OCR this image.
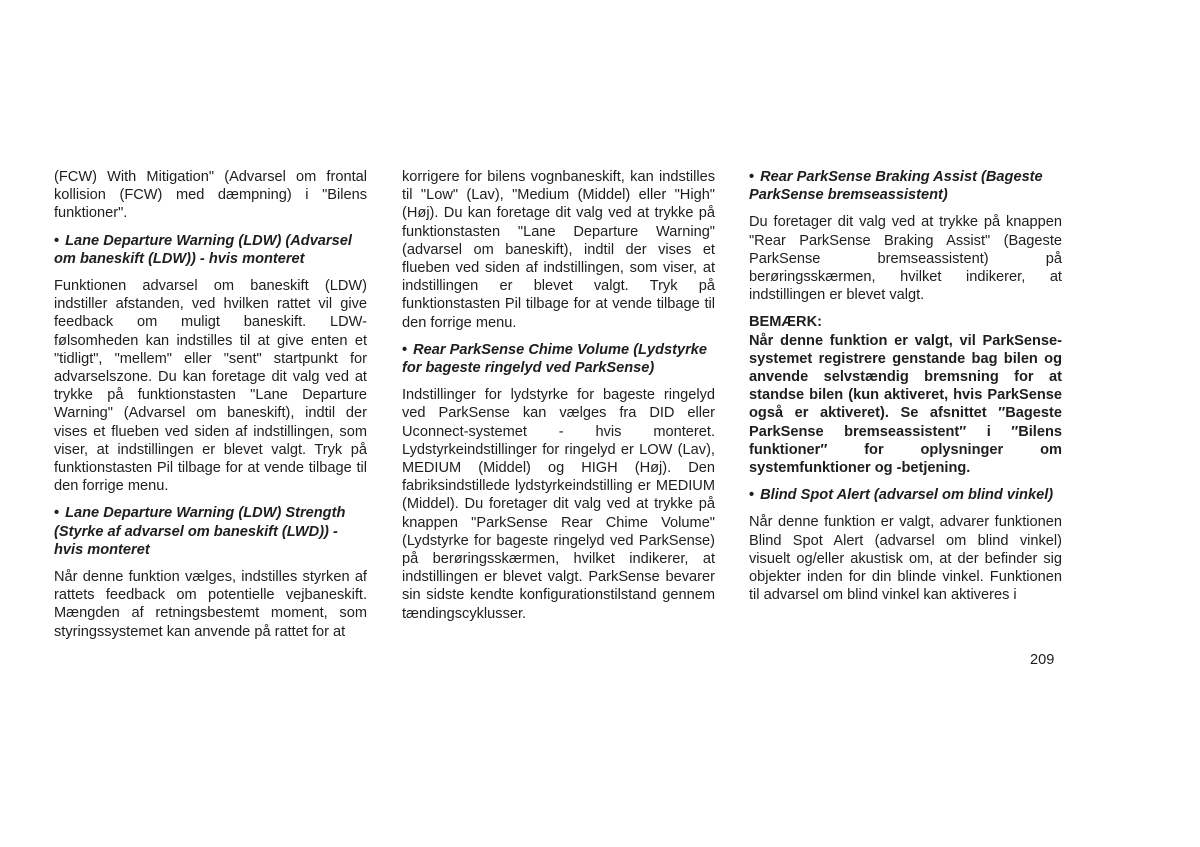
(FCW) With Mitigation" (Advarsel om frontal kollision (FCW) med dæmpning) i "Bilens funktioner".

• Lane Departure Warning (LDW) (Advarsel om baneskift (LDW)) - hvis monteret

Funktionen advarsel om baneskift (LDW) indstiller afstanden, ved hvilken rattet vil give feedback om muligt baneskift. LDW-følsomheden kan indstilles til at give enten et "tidligt", "mellem" eller "sent" startpunkt for advarselszone. Du kan foretage dit valg ved at trykke på funktionstasten "Lane Departure Warning" (Advarsel om baneskift), indtil der vises et flueben ved siden af indstillingen, som viser, at indstillingen er blevet valgt. Tryk på funktionstasten Pil tilbage for at vende tilbage til den forrige menu.

• Lane Departure Warning (LDW) Strength (Styrke af advarsel om baneskift (LWD)) - hvis monteret

Når denne funktion vælges, indstilles styrken af rattets feedback om potentielle vejbaneskift. Mængden af retningsbestemt moment, som styringssystemet kan anvende på rattet for at

korrigere for bilens vognbaneskift, kan indstilles til "Low" (Lav), "Medium (Middel) eller "High" (Høj). Du kan foretage dit valg ved at trykke på funktionstasten "Lane Departure Warning" (advarsel om baneskift), indtil der vises et flueben ved siden af indstillingen, som viser, at indstillingen er blevet valgt. Tryk på funktionstasten Pil tilbage for at vende tilbage til den forrige menu.

• Rear ParkSense Chime Volume (Lydstyrke for bageste ringelyd ved ParkSense)

Indstillinger for lydstyrke for bageste ringelyd ved ParkSense kan vælges fra DID eller Uconnect-systemet - hvis monteret. Lydstyrkeindstillinger for ringelyd er LOW (Lav), MEDIUM (Middel) og HIGH (Høj). Den fabriksindstillede lydstyrkeindstilling er MEDIUM (Middel). Du foretager dit valg ved at trykke på knappen "ParkSense Rear Chime Volume" (Lydstyrke for bageste ringelyd ved ParkSense) på berøringsskærmen, hvilket indikerer, at indstillingen er blevet valgt. ParkSense bevarer sin sidste kendte konfigurationstilstand gennem tændingscyklusser.

• Rear ParkSense Braking Assist (Bageste ParkSense bremseassistent)

Du foretager dit valg ved at trykke på knappen "Rear ParkSense Braking Assist" (Bageste ParkSense bremseassistent) på berøringsskærmen, hvilket indikerer, at indstillingen er blevet valgt.

BEMÆRK:

Når denne funktion er valgt, vil ParkSense-systemet registrere genstande bag bilen og anvende selvstændig bremsning for at standse bilen (kun aktiveret, hvis ParkSense også er aktiveret). Se afsnittet ″Bageste ParkSense bremseassistent″ i ″Bilens funktioner″ for oplysninger om systemfunktioner og -betjening.

• Blind Spot Alert (advarsel om blind vinkel)

Når denne funktion er valgt, advarer funktionen Blind Spot Alert (advarsel om blind vinkel) visuelt og/eller akustisk om, at der befinder sig objekter inden for din blinde vinkel. Funktionen til advarsel om blind vinkel kan aktiveres i

209
